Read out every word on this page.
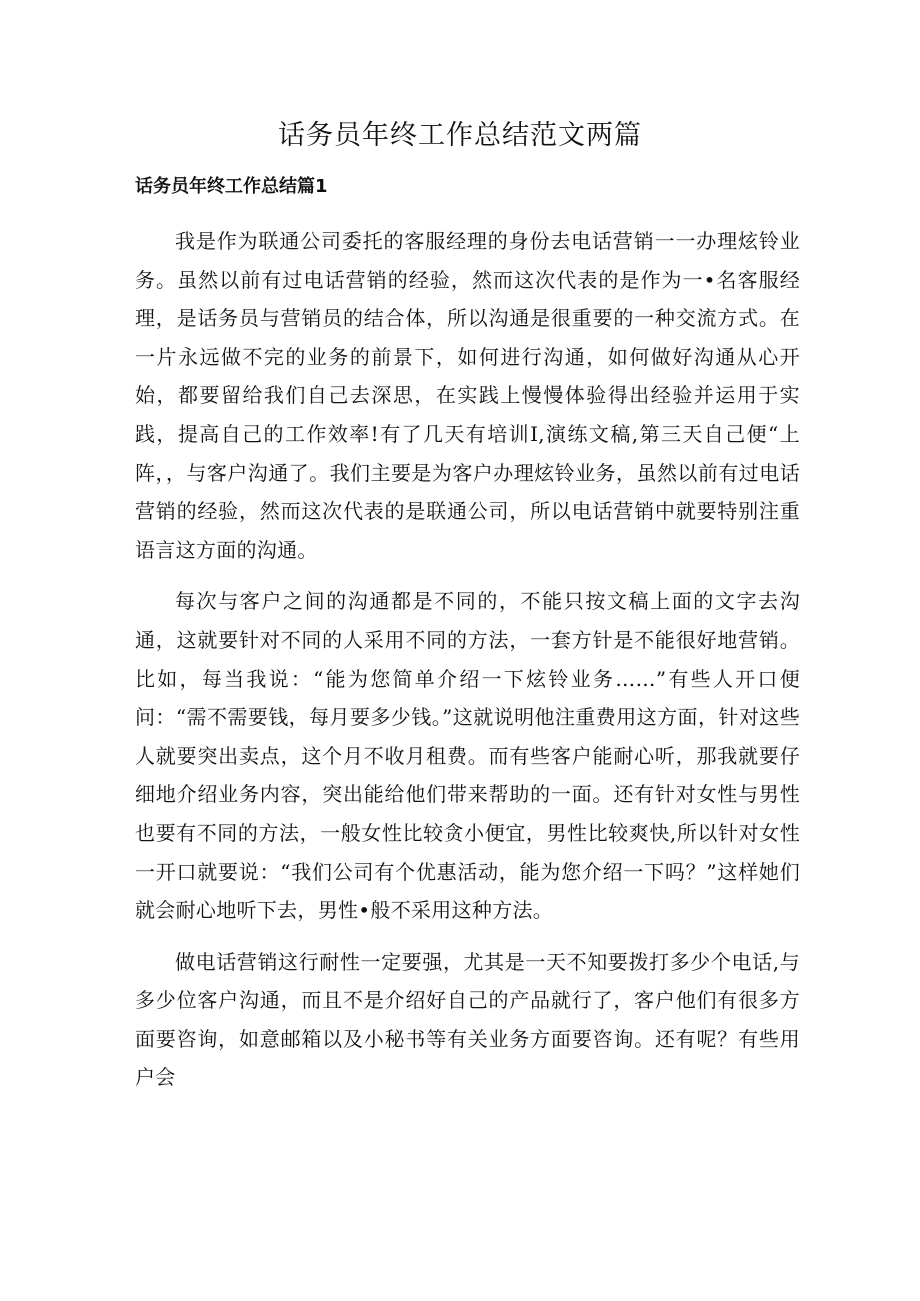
话务员年终工作总结范文两篇
话务员年终工作总结篇1

我是作为联通公司委托的客服经理的身份去电话营销一一办理炫铃业务。虽然以前有过电话营销的经验，然而这次代表的是作为一•名客服经理，是话务员与营销员的结合体，所以沟通是很重要的一种交流方式。在一片永远做不完的业务的前景下，如何进行沟通，如何做好沟通从心开始，都要留给我们自己去深思，在实践上慢慢体验得出经验并运用于实践，提高自己的工作效率!有了几天有培训I,演练文稿,第三天自己便“上阵，，与客户沟通了。我们主要是为客户办理炫铃业务，虽然以前有过电话营销的经验，然而这次代表的是联通公司，所以电话营销中就要特别注重语言这方面的沟通。

每次与客户之间的沟通都是不同的，不能只按文稿上面的文字去沟通，这就要针对不同的人采用不同的方法，一套方针是不能很好地营销。比如，每当我说：“能为您简单介绍一下炫铃业务……”有些人开口便问：“需不需要钱，每月要多少钱。”这就说明他注重费用这方面，针对这些人就要突出卖点，这个月不收月租费。而有些客户能耐心听，那我就要仔细地介绍业务内容，突出能给他们带来帮助的一面。还有针对女性与男性也要有不同的方法，一般女性比较贪小便宜，男性比较爽快,所以针对女性一开口就要说：“我们公司有个优惠活动，能为您介绍一下吗？”这样她们就会耐心地听下去，男性•般不采用这种方法。

做电话营销这行耐性一定要强，尤其是一天不知要拨打多少个电话,与多少位客户沟通，而且不是介绍好自己的产品就行了，客户他们有很多方面要咨询，如意邮箱以及小秘书等有关业务方面要咨询。还有呢？有些用户会
